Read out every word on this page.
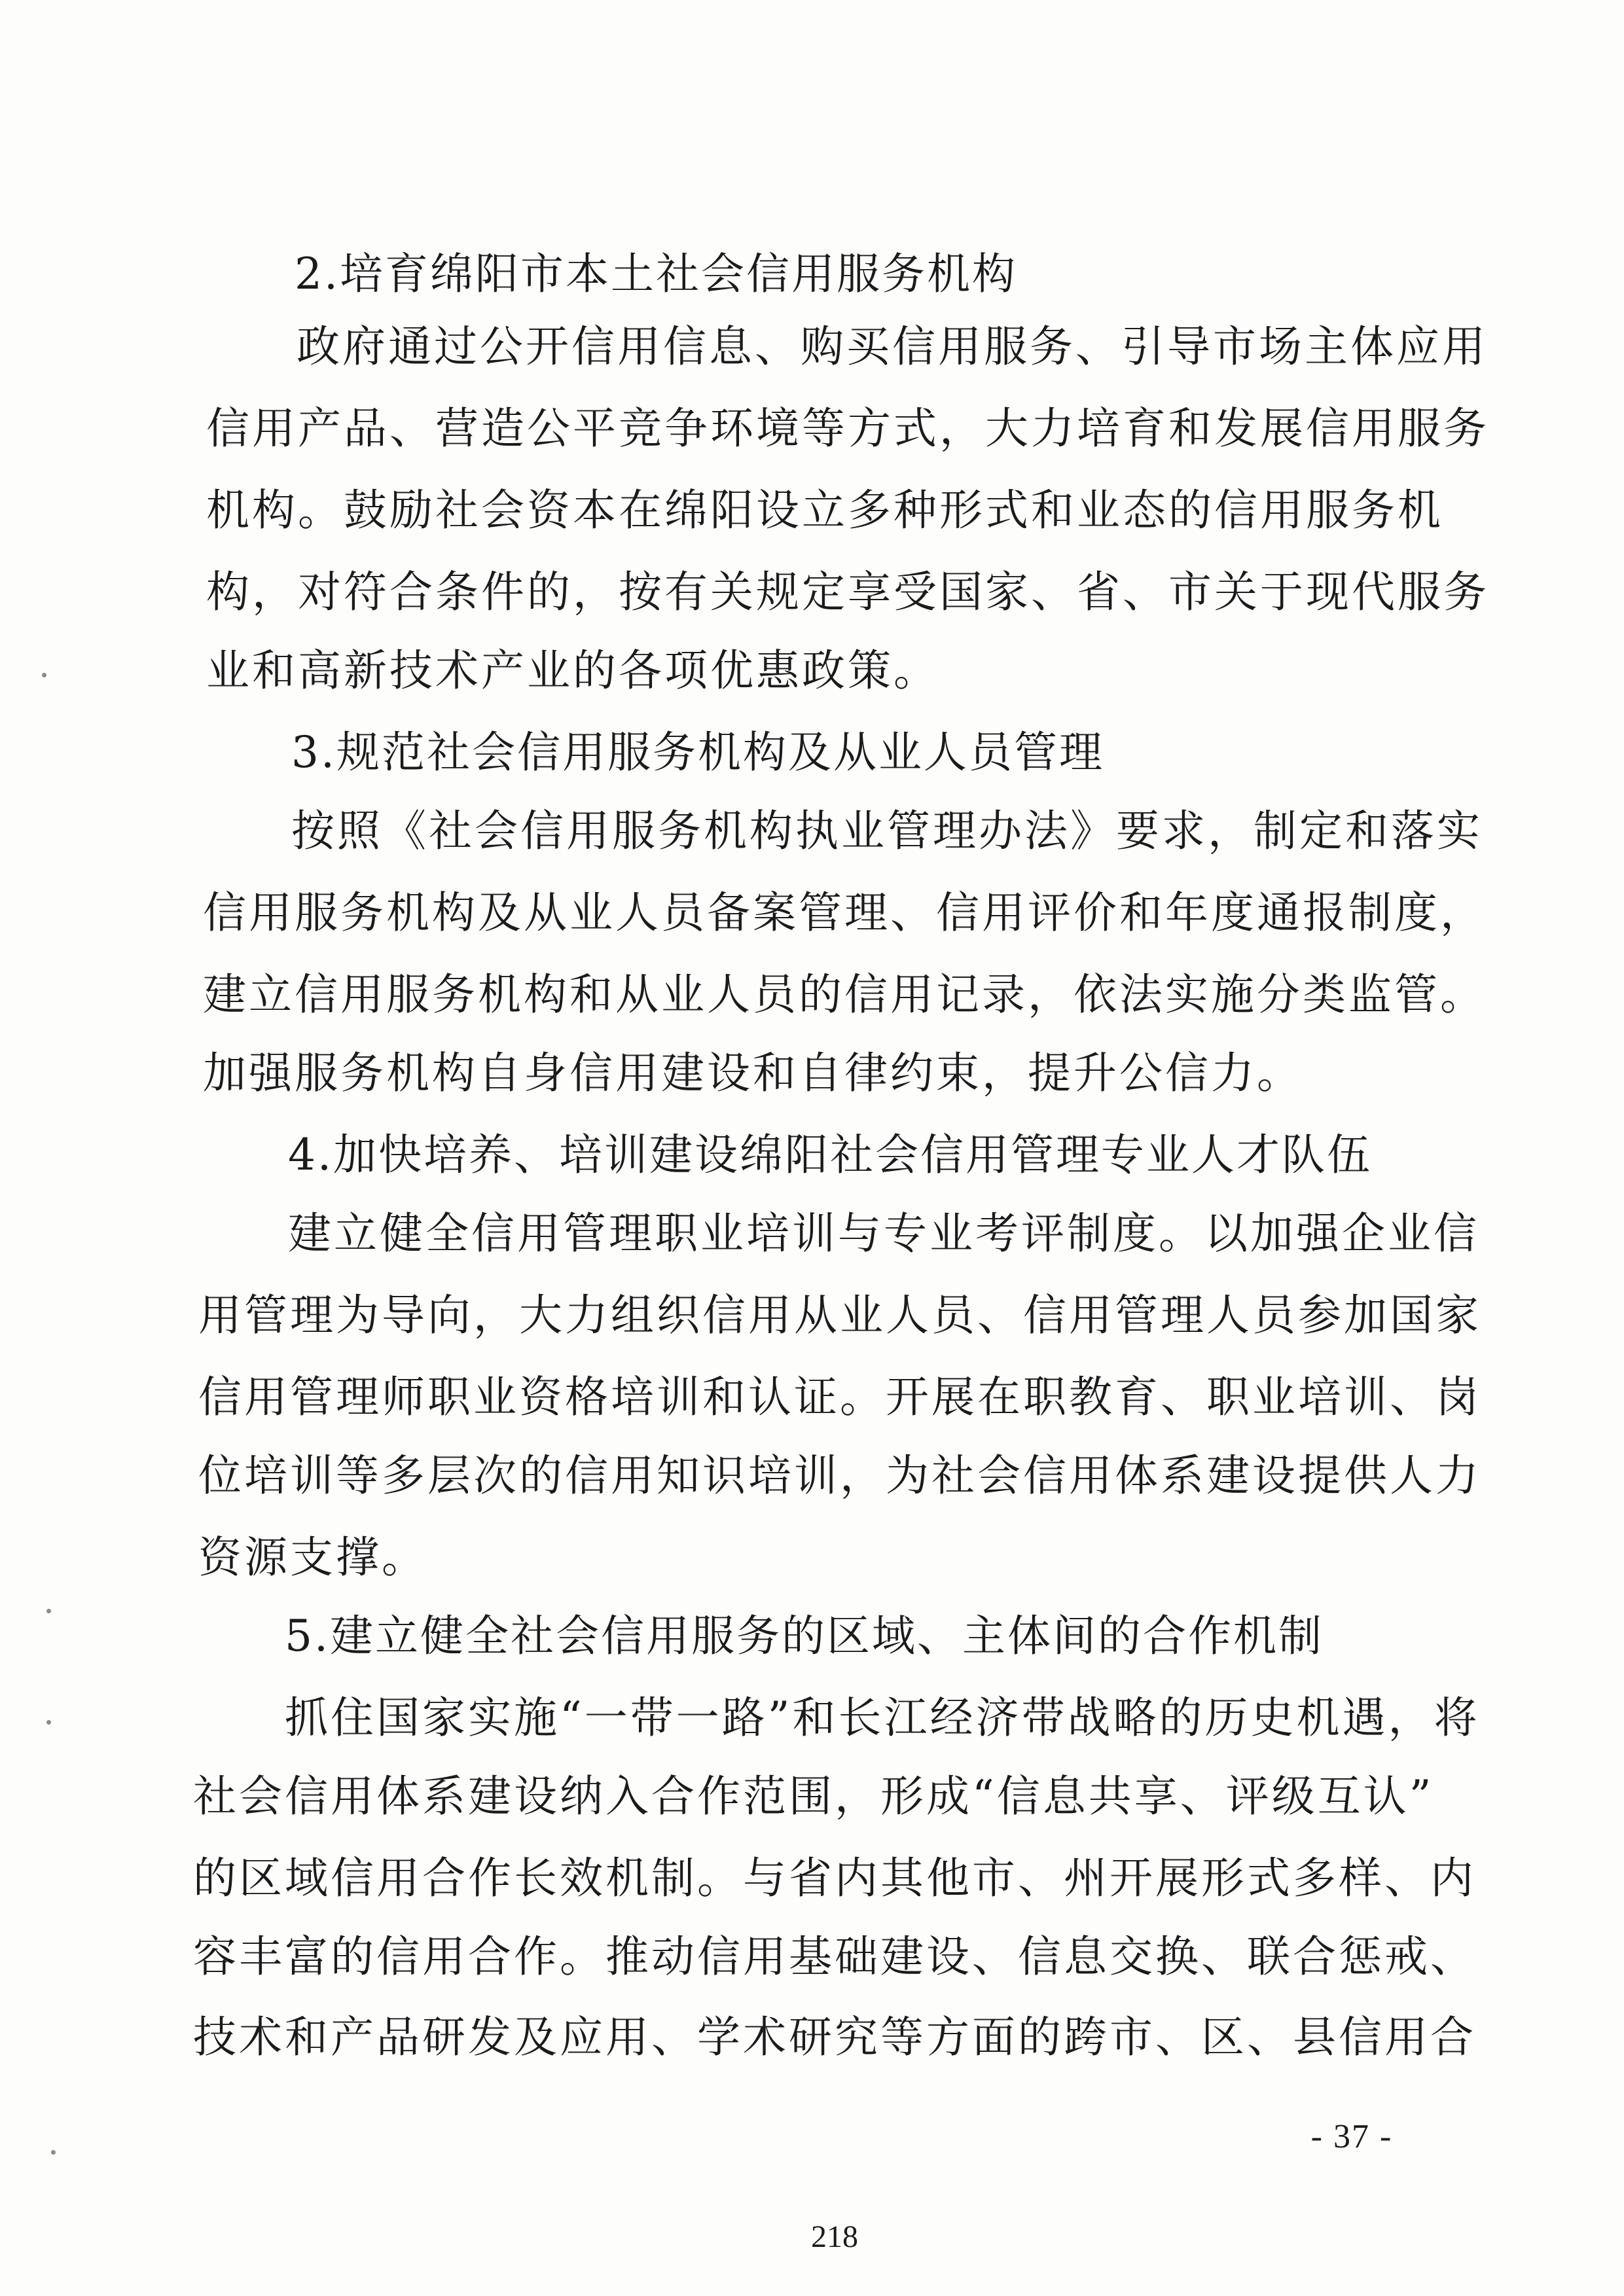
2.培育绵阳市本土社会信用服务机构
政府通过公开信用信息、购买信用服务、引导市场主体应用
信用产品、营造公平竞争环境等方式，大力培育和发展信用服务
机构。鼓励社会资本在绵阳设立多种形式和业态的信用服务机
构，对符合条件的，按有关规定享受国家、省、市关于现代服务
业和高新技术产业的各项优惠政策。
3.规范社会信用服务机构及从业人员管理
按照《社会信用服务机构执业管理办法》要求，制定和落实
信用服务机构及从业人员备案管理、信用评价和年度通报制度，
建立信用服务机构和从业人员的信用记录，依法实施分类监管。
加强服务机构自身信用建设和自律约束，提升公信力。
4.加快培养、培训建设绵阳社会信用管理专业人才队伍
建立健全信用管理职业培训与专业考评制度。以加强企业信
用管理为导向，大力组织信用从业人员、信用管理人员参加国家
信用管理师职业资格培训和认证。开展在职教育、职业培训、岗
位培训等多层次的信用知识培训，为社会信用体系建设提供人力
资源支撑。
5.建立健全社会信用服务的区域、主体间的合作机制
抓住国家实施“一带一路”和长江经济带战略的历史机遇，将
社会信用体系建设纳入合作范围，形成“信息共享、评级互认”
的区域信用合作长效机制。与省内其他市、州开展形式多样、内
容丰富的信用合作。推动信用基础建设、信息交换、联合惩戒、
技术和产品研发及应用、学术研究等方面的跨市、区、县信用合
- 37 -
218
